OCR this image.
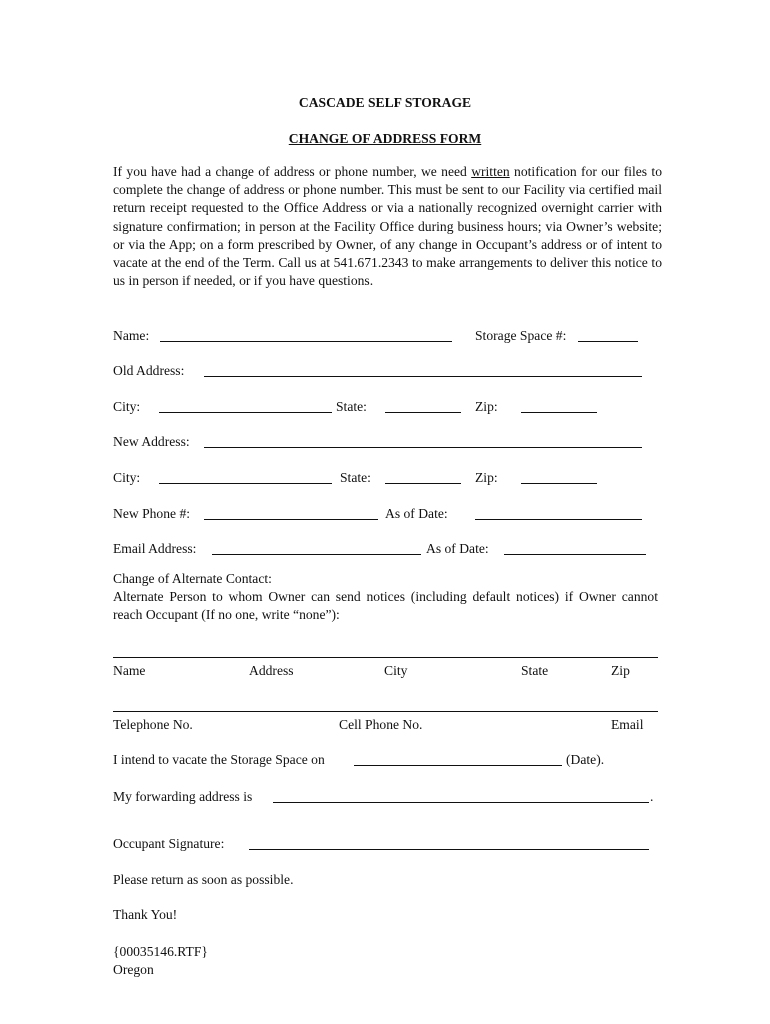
CASCADE SELF STORAGE
CHANGE OF ADDRESS FORM
If you have had a change of address or phone number, we need written notification for our files to complete the change of address or phone number. This must be sent to our Facility via certified mail return receipt requested to the Office Address or via a nationally recognized overnight carrier with signature confirmation; in person at the Facility Office during business hours; via Owner’s website; or via the App; on a form prescribed by Owner, of any change in Occupant’s address or of intent to vacate at the end of the Term. Call us at 541.671.2343 to make arrangements to deliver this notice to us in person if needed, or if you have questions.
Name:	Storage Space #:
Old Address:
City:	State:	Zip:
New Address:
City:	State:	Zip:
New Phone #:	As of Date:
Email Address:	As of Date:
Change of Alternate Contact:
Alternate Person to whom Owner can send notices (including default notices) if Owner cannot reach Occupant (If no one, write “none”):
Name	Address	City	State	Zip
Telephone No.	Cell Phone No.	Email
I intend to vacate the Storage Space on	(Date).
My forwarding address is	.
Occupant Signature:
Please return as soon as possible.
Thank You!
{00035146.RTF}
Oregon
